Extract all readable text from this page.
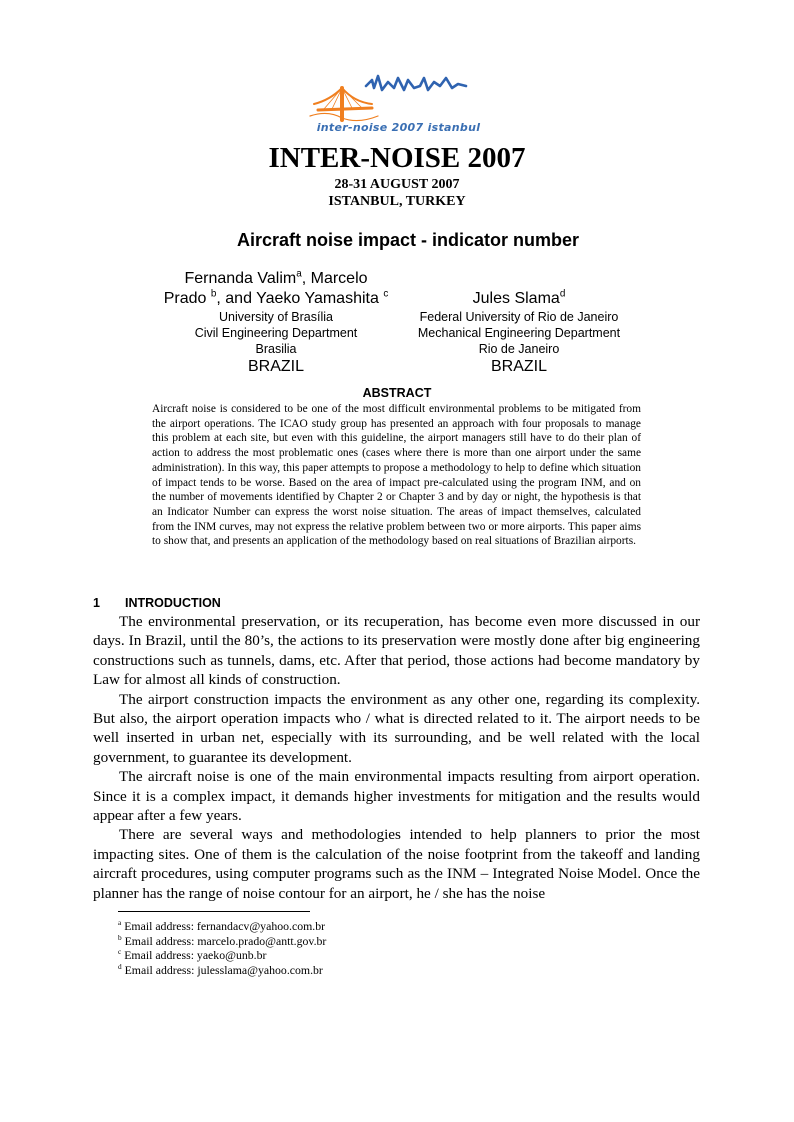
inter-noise 2007 istanbul
INTER-NOISE 2007
28-31 AUGUST 2007
ISTANBUL, TURKEY
Aircraft noise impact - indicator number
Fernanda Valim$^a$, Marcelo
Prado $^b$, and Yaeko Yamashita $^c$
University of Brasília
Civil Engineering Department
Brasilia
BRAZIL
Jules Slama$^d$
Federal University of Rio de Janeiro
Mechanical Engineering Department
Rio de Janeiro
BRAZIL
ABSTRACT
Aircraft noise is considered to be one of the most difficult environmental problems to be mitigated from the airport operations. The ICAO study group has presented an approach with four proposals to manage this problem at each site, but even with this guideline, the airport managers still have to do their plan of action to address the most problematic ones (cases where there is more than one airport under the same administration). In this way, this paper attempts to propose a methodology to help to define which situation of impact tends to be worse. Based on the area of impact pre-calculated using the program INM, and on the number of movements identified by Chapter 2 or Chapter 3 and by day or night, the hypothesis is that an Indicator Number can express the worst noise situation. The areas of impact themselves, calculated from the INM curves, may not express the relative problem between two or more airports. This paper aims to show that, and presents an application of the methodology based on real situations of Brazilian airports.
1 INTRODUCTION

The environmental preservation, or its recuperation, has become even more discussed in our days. In Brazil, until the 80’s, the actions to its preservation were mostly done after big engineering constructions such as tunnels, dams, etc. After that period, those actions had become mandatory by Law for almost all kinds of construction.

The airport construction impacts the environment as any other one, regarding its complexity. But also, the airport operation impacts who / what is directed related to it. The airport needs to be well inserted in urban net, especially with its surrounding, and be well related with the local government, to guarantee its development.

The aircraft noise is one of the main environmental impacts resulting from airport operation. Since it is a complex impact, it demands higher investments for mitigation and the results would appear after a few years.

There are several ways and methodologies intended to help planners to prior the most impacting sites. One of them is the calculation of the noise footprint from the takeoff and landing aircraft procedures, using computer programs such as the INM – Integrated Noise Model. Once the planner has the range of noise contour for an airport, he / she has the noise

$^a$ Email address: fernandacv@yahoo.com.br
$^b$ Email address: marcelo.prado@antt.gov.br
$^c$ Email address: yaeko@unb.br
$^d$ Email address: julesslama@yahoo.com.br
